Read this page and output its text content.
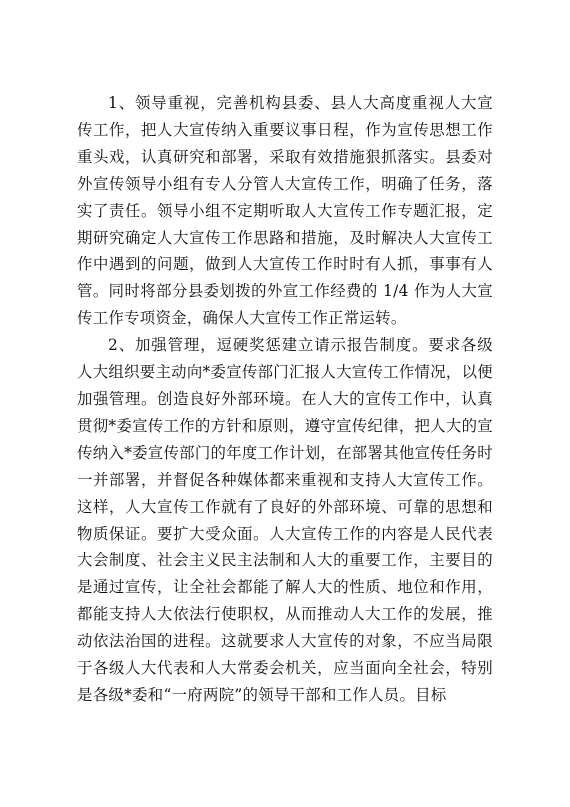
1、领导重视，完善机构县委、县人大高度重视人大宣传工作，把人大宣传纳入重要议事日程，作为宣传思想工作重头戏，认真研究和部署，采取有效措施狠抓落实。县委对外宣传领导小组有专人分管人大宣传工作，明确了任务，落实了责任。领导小组不定期听取人大宣传工作专题汇报，定期研究确定人大宣传工作思路和措施，及时解决人大宣传工作中遇到的问题，做到人大宣传工作时时有人抓，事事有人管。同时将部分县委划拨的外宣工作经费的 1/4 作为人大宣传工作专项资金，确保人大宣传工作正常运转。

2、加强管理，逗硬奖惩建立请示报告制度。要求各级人大组织要主动向*委宣传部门汇报人大宣传工作情况，以便加强管理。创造良好外部环境。在人大的宣传工作中，认真贯彻*委宣传工作的方针和原则，遵守宣传纪律，把人大的宣传纳入*委宣传部门的年度工作计划，在部署其他宣传任务时一并部署，并督促各种媒体都来重视和支持人大宣传工作。这样，人大宣传工作就有了良好的外部环境、可靠的思想和物质保证。要扩大受众面。人大宣传工作的内容是人民代表大会制度、社会主义民主法制和人大的重要工作，主要目的是通过宣传，让全社会都能了解人大的性质、地位和作用，都能支持人大依法行使职权，从而推动人大工作的发展，推动依法治国的进程。这就要求人大宣传的对象，不应当局限于各级人大代表和人大常委会机关，应当面向全社会，特别是各级*委和“一府两院”的领导干部和工作人员。目标
